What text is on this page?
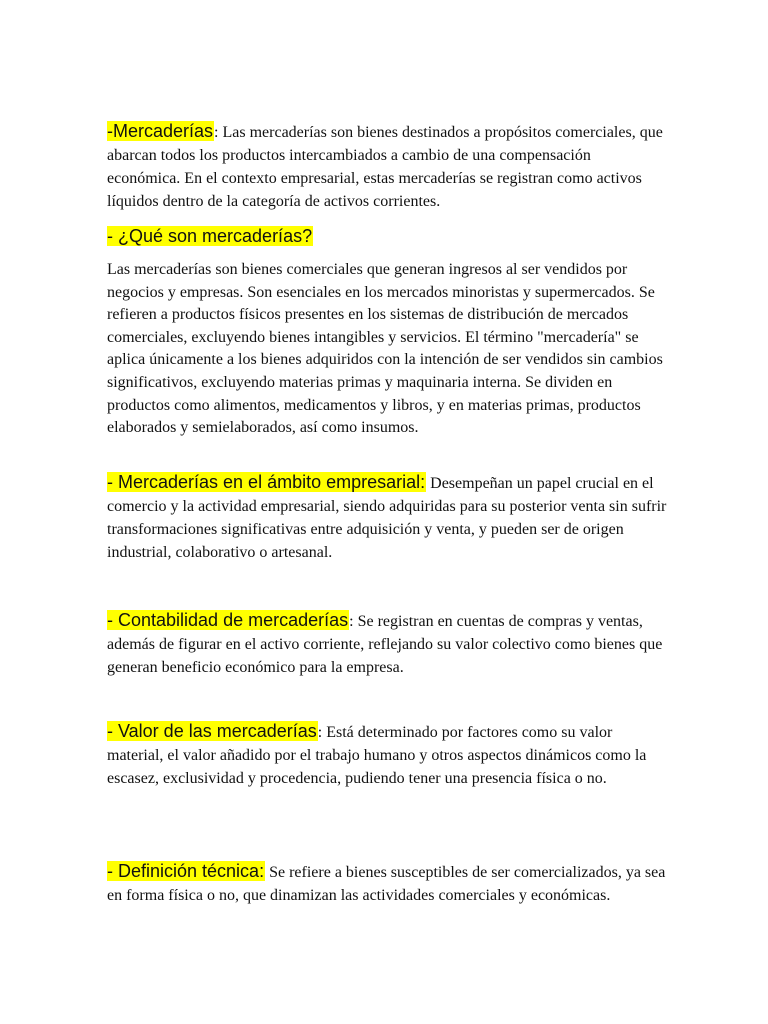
-Mercaderías: Las mercaderías son bienes destinados a propósitos comerciales, que abarcan todos los productos intercambiados a cambio de una compensación económica. En el contexto empresarial, estas mercaderías se registran como activos líquidos dentro de la categoría de activos corrientes.
- ¿Qué son mercaderías?
Las mercaderías son bienes comerciales que generan ingresos al ser vendidos por negocios y empresas. Son esenciales en los mercados minoristas y supermercados. Se refieren a productos físicos presentes en los sistemas de distribución de mercados comerciales, excluyendo bienes intangibles y servicios. El término "mercadería" se aplica únicamente a los bienes adquiridos con la intención de ser vendidos sin cambios significativos, excluyendo materias primas y maquinaria interna. Se dividen en productos como alimentos, medicamentos y libros, y en materias primas, productos elaborados y semielaborados, así como insumos.
- Mercaderías en el ámbito empresarial: Desempeñan un papel crucial en el comercio y la actividad empresarial, siendo adquiridas para su posterior venta sin sufrir transformaciones significativas entre adquisición y venta, y pueden ser de origen industrial, colaborativo o artesanal.
- Contabilidad de mercaderías: Se registran en cuentas de compras y ventas, además de figurar en el activo corriente, reflejando su valor colectivo como bienes que generan beneficio económico para la empresa.
- Valor de las mercaderías: Está determinado por factores como su valor material, el valor añadido por el trabajo humano y otros aspectos dinámicos como la escasez, exclusividad y procedencia, pudiendo tener una presencia física o no.
- Definición técnica: Se refiere a bienes susceptibles de ser comercializados, ya sea en forma física o no, que dinamizan las actividades comerciales y económicas.
